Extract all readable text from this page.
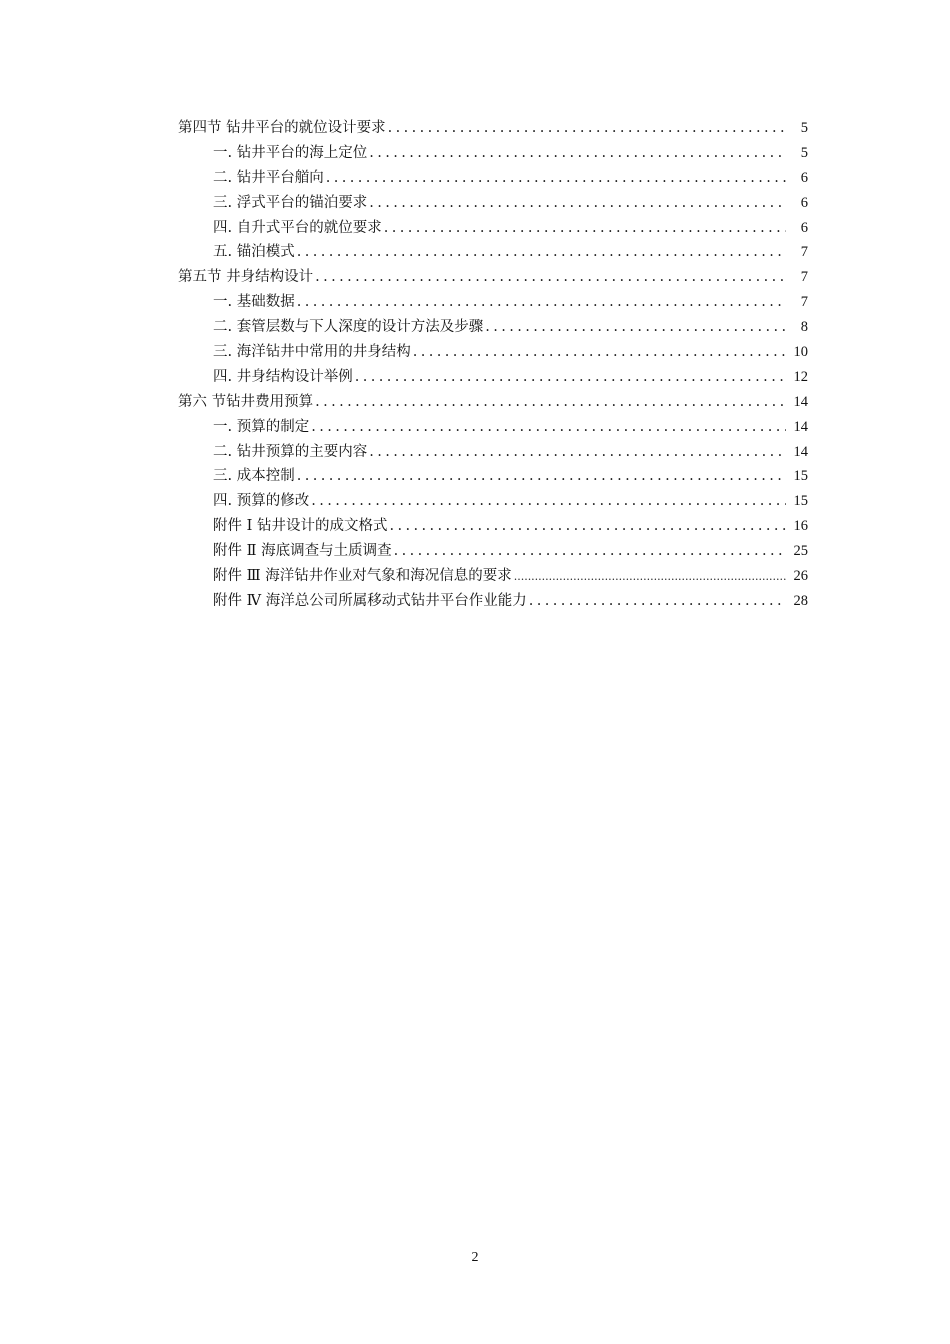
第四节 钻井平台的就位设计要求 .....	5
一. 钻井平台的海上定位 .....	5
二. 钻井平台艏向 .....	6
三. 浮式平台的锚泊要求 .....	6
四. 自升式平台的就位要求 .....	6
五. 锚泊模式 .....	7
第五节 井身结构设计 .....	7
一. 基础数据 .....	7
二. 套管层数与下人深度的设计方法及步骤 .....	8
三. 海洋钻井中常用的井身结构 .....	10
四. 井身结构设计举例 .....	12
第六 节钻井费用预算 .....	14
一. 预算的制定 .....	14
二. 钻井预算的主要内容 .....	14
三. 成本控制 .....	15
四. 预算的修改 .....	15
附件 Ⅰ 钻井设计的成文格式 .....	16
附件 Ⅱ 海底调查与土质调查 .....	25
附件 Ⅲ 海洋钻井作业对气象和海况信息的要求 .....	26
附件 Ⅳ 海洋总公司所属移动式钻井平台作业能力 .....	28
2
